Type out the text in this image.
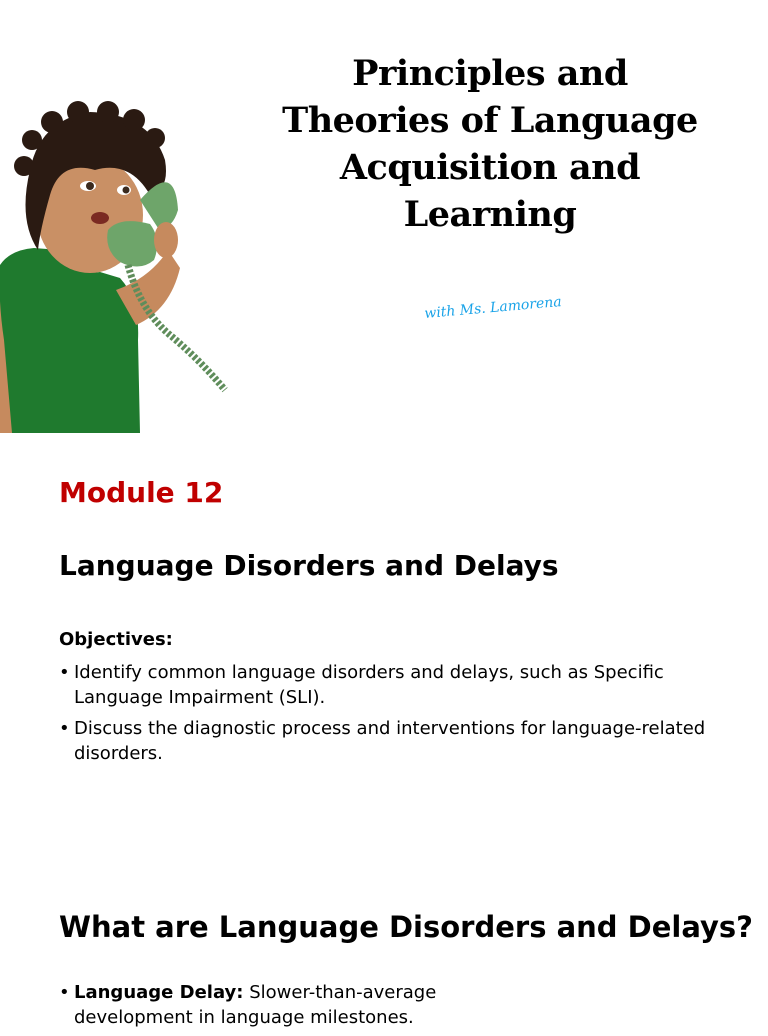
Principles and
Theories of Language
Acquisition and
Learning
with Ms. Lamorena
Module 12
Language Disorders and Delays
Objectives:
• Identify common language disorders and delays, such as Specific Language Impairment (SLI).
• Discuss the diagnostic process and interventions for language-related disorders.
What are Language Disorders and Delays?
• Language Delay: Slower-than-average development in language milestones.
